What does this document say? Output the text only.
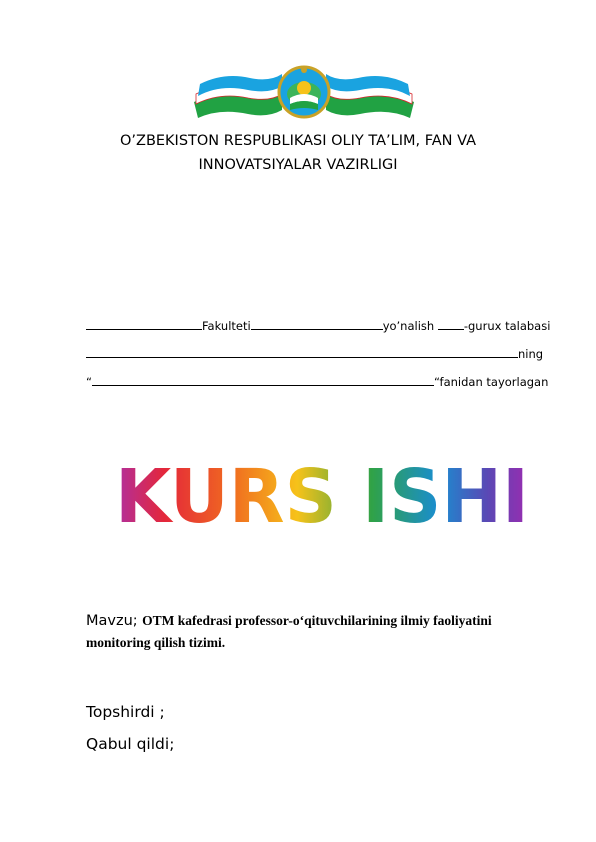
O’ZBEKISTON RESPUBLIKASI OLIY TA’LIM, FAN VA
INNOVATSIYALAR VAZIRLIGI
Fakulteti	yo’nalish	-gurux talabasi
ning
“	“fanidan tayorlagan
KURS ISHI
Mavzu; OTM kafedrasi professor-o‘qituvchilarining ilmiy faoliyatini monitoring qilish tizimi.
Topshirdi ;
Qabul qildi;
